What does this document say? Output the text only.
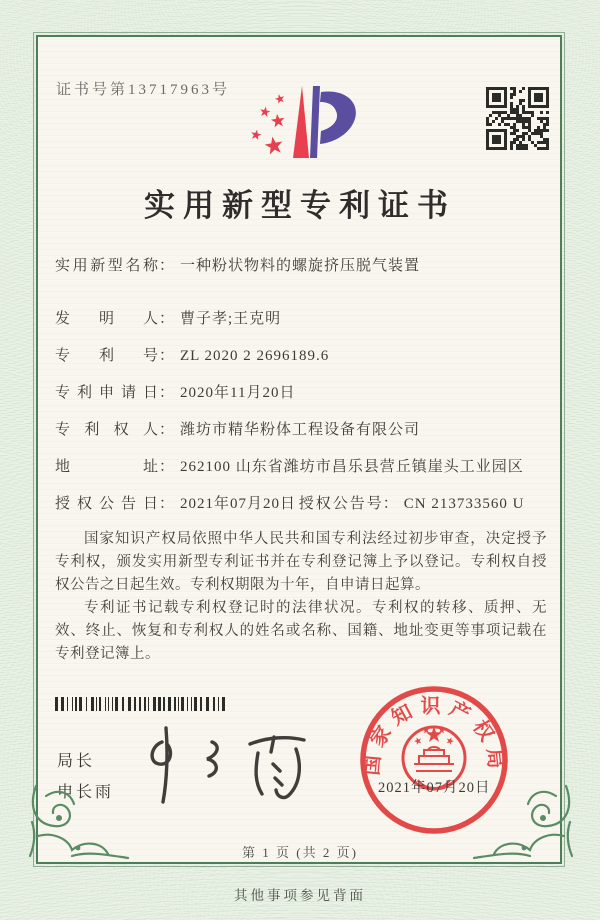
证书号第13717963号
实用新型专利证书
实用新型名称： 一种粉状物料的螺旋挤压脱气装置
发明人： 曹子孝;王克明
专利号： ZL 2020 2 2696189.6
专利申请日： 2020年11月20日
专利权人： 潍坊市精华粉体工程设备有限公司
地址： 262100 山东省潍坊市昌乐县营丘镇崖头工业园区
授权公告日： 2021年07月20日 授权公告号： CN 213733560 U

国家知识产权局依照中华人民共和国专利法经过初步审查，决定授予专利权，颁发实用新型专利证书并在专利登记簿上予以登记。专利权自授权公告之日起生效。专利权期限为十年，自申请日起算。

专利证书记载专利权登记时的法律状况。专利权的转移、质押、无效、终止、恢复和专利权人的姓名或名称、国籍、地址变更等事项记载在专利登记簿上。

局长
申长雨
国家知识产权局
2021年07月20日
第 1 页 (共 2 页)
其他事项参见背面
